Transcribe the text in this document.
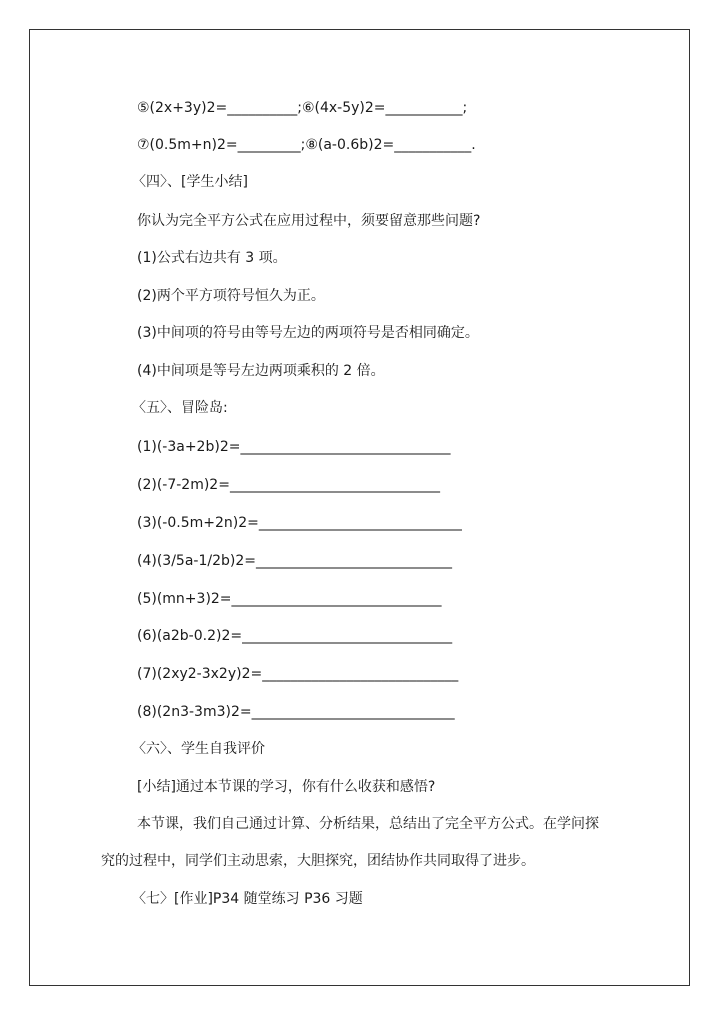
⑤(2x+3y)2=__________;⑥(4x-5y)2=___________;
⑦(0.5m+n)2=_________;⑧(a-0.6b)2=___________.
〈四〉、[学生小结]
你认为完全平方公式在应用过程中，须要留意那些问题?
(1)公式右边共有 3 项。
(2)两个平方项符号恒久为正。
(3)中间项的符号由等号左边的两项符号是否相同确定。
(4)中间项是等号左边两项乘积的 2 倍。
〈五〉、冒险岛:
(1)(-3a+2b)2=______________________________
(2)(-7-2m)2=______________________________
(3)(-0.5m+2n)2=_____________________________
(4)(3/5a-1/2b)2=____________________________
(5)(mn+3)2=______________________________
(6)(a2b-0.2)2=______________________________
(7)(2xy2-3x2y)2=____________________________
(8)(2n3-3m3)2=_____________________________
〈六〉、学生自我评价
[小结]通过本节课的学习，你有什么收获和感悟?
本节课，我们自己通过计算、分析结果，总结出了完全平方公式。在学问探
究的过程中，同学们主动思索，大胆探究，团结协作共同取得了进步。
〈七〉[作业]P34 随堂练习 P36 习题
